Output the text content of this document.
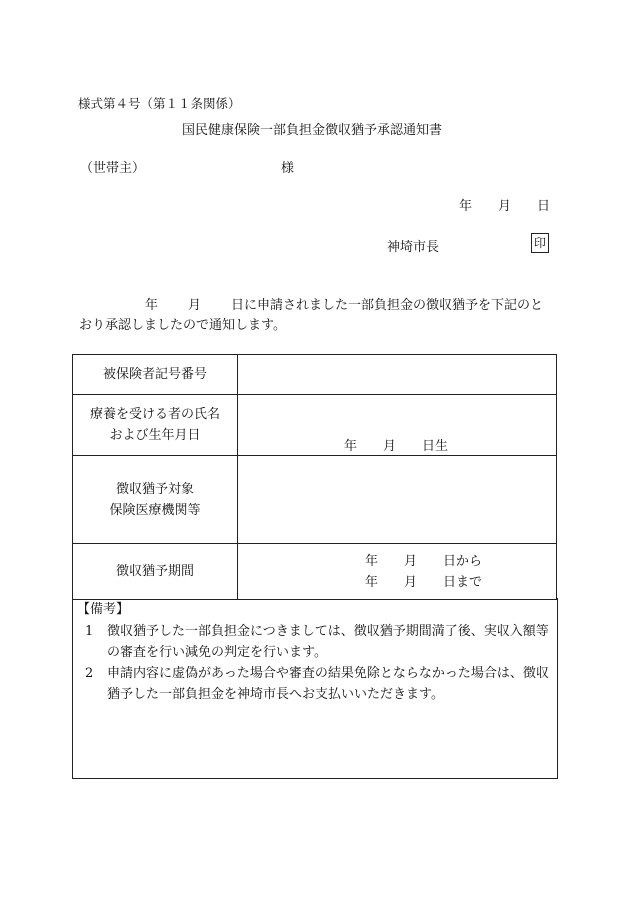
様式第４号（第１１条関係）
国民健康保険一部負担金徴収猶予承認通知書
（世帯主）	様
年 月 日
神埼市長	印
年 月 日に申請されました一部負担金の徴収猶予を下記のとおり承認しましたので通知します。
被保険者記号番号	

療養を受ける者の氏名
および生年月日	年 月 日生

徴収猶予対象
保険医療機関等	

徴収猶予期間	年 月 日から
年 月 日まで
【備考】
1 徴収猶予した一部負担金につきましては、徴収猶予期間満了後、実収入額等の審査を行い減免の判定を行います。
2 申請内容に虚偽があった場合や審査の結果免除とならなかった場合は、徴収猶予した一部負担金を神埼市長へお支払いいただきます。
